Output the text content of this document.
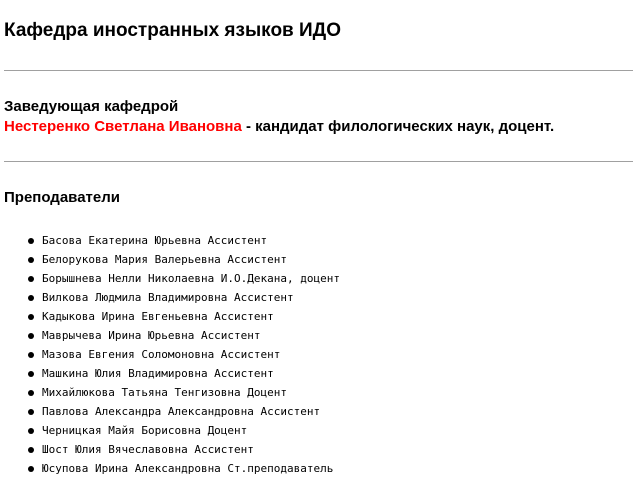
Кафедра иностранных языков ИДО
Заведующая кафедрой
Нестеренко Светлана Ивановна - кандидат филологических наук, доцент.
Преподаватели
Басова Екатерина Юрьевна Ассистент
Белорукова Мария Валерьевна Ассистент
Борышнева Нелли Николаевна И.О.Декана, доцент
Вилкова Людмила Владимировна Ассистент
Кадыкова Ирина Евгеньевна Ассистент
Маврычева Ирина Юрьевна Ассистент
Мазова Евгения Соломоновна Ассистент
Машкина Юлия Владимировна Ассистент
Михайлюкова Татьяна Тенгизовна Доцент
Павлова Александра Александровна Ассистент
Черницкая Майя Борисовна Доцент
Шост Юлия Вячеславовна Ассистент
Юсупова Ирина Александровна Ст.преподаватель
